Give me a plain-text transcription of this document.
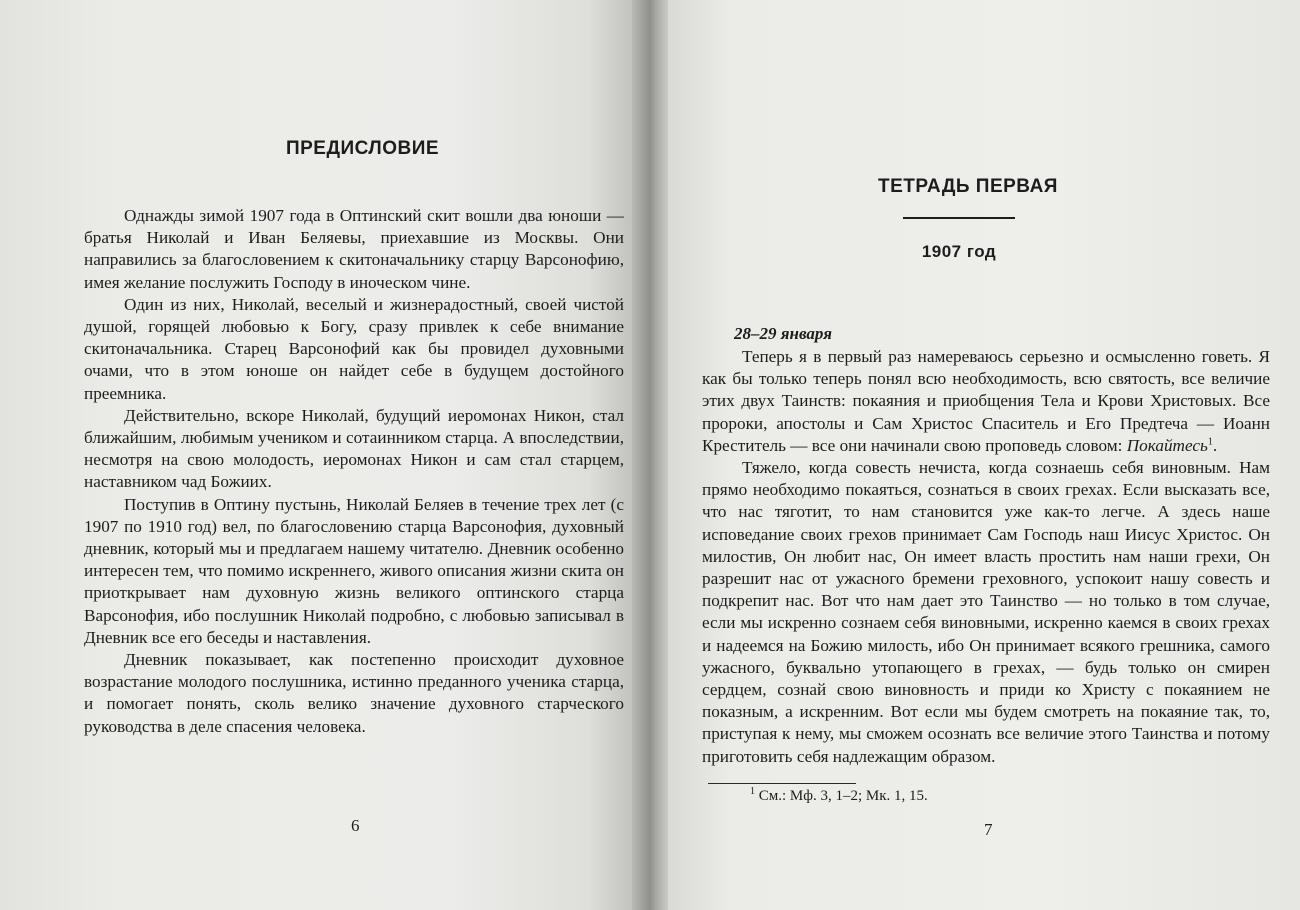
ПРЕДИСЛОВИЕ

Однажды зимой 1907 года в Оптинский скит вошли два юноши — братья Николай и Иван Беляевы, приехавшие из Москвы. Они направились за благословением к скитоначальнику старцу Варсонофию, имея желание послужить Господу в иноческом чине.

Один из них, Николай, веселый и жизнерадостный, своей чистой душой, горящей любовью к Богу, сразу привлек к себе внимание скитоначальника. Старец Варсонофий как бы провидел духовными очами, что в этом юноше он найдет себе в будущем достойного преемника.

Действительно, вскоре Николай, будущий иеромонах Никон, стал ближайшим, любимым учеником и сотаинником старца. А впоследствии, несмотря на свою молодость, иеромонах Никон и сам стал старцем, наставником чад Божиих.

Поступив в Оптину пустынь, Николай Беляев в течение трех лет (с 1907 по 1910 год) вел, по благословению старца Варсонофия, духовный дневник, который мы и предлагаем нашему читателю. Дневник особенно интересен тем, что помимо искреннего, живого описания жизни скита он приоткрывает нам духовную жизнь великого оптинского старца Варсонофия, ибо послушник Николай подробно, с любовью записывал в Дневник все его беседы и наставления.

Дневник показывает, как постепенно происходит духовное возрастание молодого послушника, истинно преданного ученика старца, и помогает понять, сколь велико значение духовного старческого руководства в деле спасения человека.

6

ТЕТРАДЬ ПЕРВАЯ
1907 год

28–29 января

Теперь я в первый раз намереваюсь серьезно и осмысленно говеть. Я как бы только теперь понял всю необходимость, всю святость, все величие этих двух Таинств: покаяния и приобщения Тела и Крови Христовых. Все пророки, апостолы и Сам Христос Спаситель и Его Предтеча — Иоанн Креститель — все они начинали свою проповедь словом: Покайтесь$^1$.

Тяжело, когда совесть нечиста, когда сознаешь себя виновным. Нам прямо необходимо покаяться, сознаться в своих грехах. Если высказать все, что нас тяготит, то нам становится уже как-то легче. А здесь наше исповедание своих грехов принимает Сам Господь наш Иисус Христос. Он милостив, Он любит нас, Он имеет власть простить нам наши грехи, Он разрешит нас от ужасного бремени греховного, успокоит нашу совесть и подкрепит нас. Вот что нам дает это Таинство — но только в том случае, если мы искренно сознаем себя виновными, искренно каемся в своих грехах и надеемся на Божию милость, ибо Он принимает всякого грешника, самого ужасного, буквально утопающего в грехах, — будь только он смирен сердцем, сознай свою виновность и приди ко Христу с покаянием не показным, а искренним. Вот если мы будем смотреть на покаяние так, то, приступая к нему, мы сможем осознать все величие этого Таинства и потому приготовить себя надлежащим образом.

$^1$ См.: Мф. 3, 1–2; Мк. 1, 15.

7
